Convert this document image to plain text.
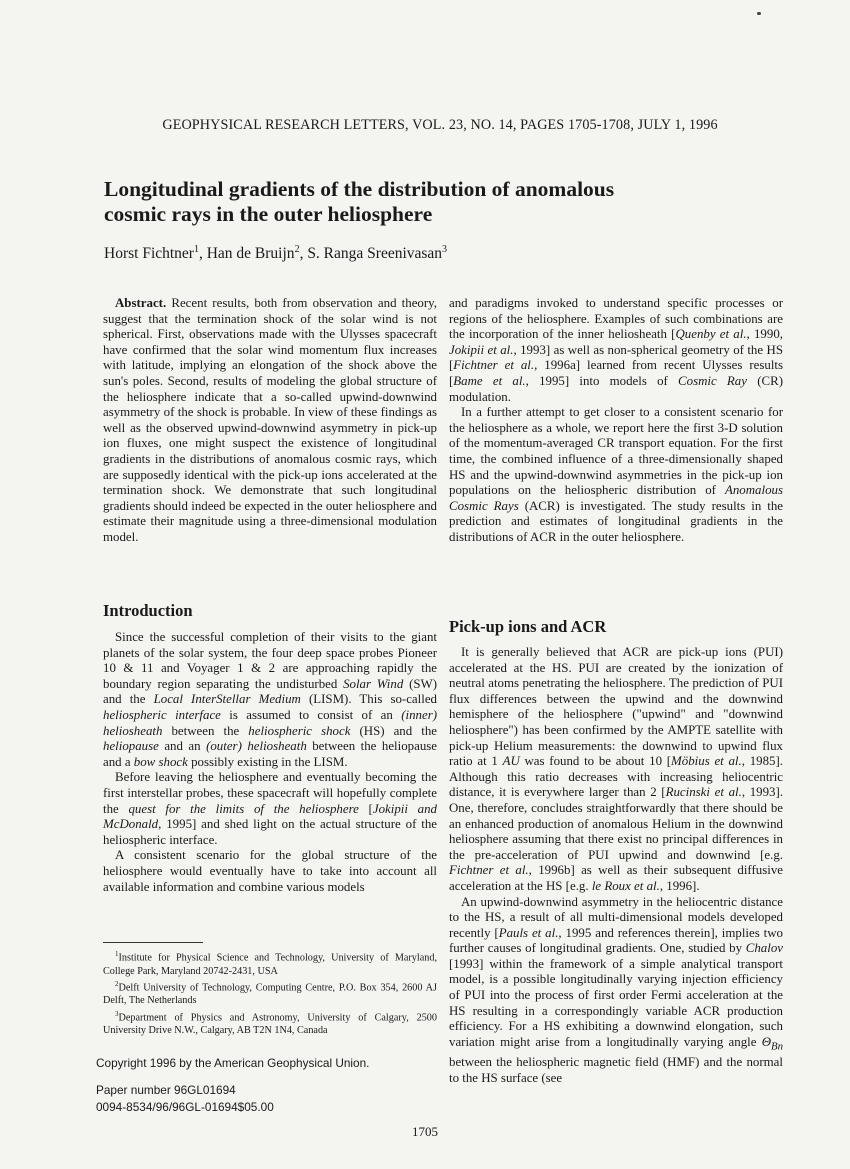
GEOPHYSICAL RESEARCH LETTERS, VOL. 23, NO. 14, PAGES 1705-1708, JULY 1, 1996
Longitudinal gradients of the distribution of anomalous cosmic rays in the outer heliosphere
Horst Fichtner$^1$, Han de Bruijn$^2$, S. Ranga Sreenivasan$^3$

Abstract. Recent results, both from observation and theory, suggest that the termination shock of the solar wind is not spherical. First, observations made with the Ulysses spacecraft have confirmed that the solar wind momentum flux increases with latitude, implying an elongation of the shock above the sun's poles. Second, results of modeling the global structure of the heliosphere indicate that a so-called upwind-downwind asymmetry of the shock is probable. In view of these findings as well as the observed upwind-downwind asymmetry in pick-up ion fluxes, one might suspect the existence of longitudinal gradients in the distributions of anomalous cosmic rays, which are supposedly identical with the pick-up ions accelerated at the termination shock. We demonstrate that such longitudinal gradients should indeed be expected in the outer heliosphere and estimate their magnitude using a three-dimensional modulation model.

Introduction

Since the successful completion of their visits to the giant planets of the solar system, the four deep space probes Pioneer 10 & 11 and Voyager 1 & 2 are approaching rapidly the boundary region separating the undisturbed Solar Wind (SW) and the Local InterStellar Medium (LISM). This so-called heliospheric interface is assumed to consist of an (inner) heliosheath between the heliospheric shock (HS) and the heliopause and an (outer) heliosheath between the heliopause and a bow shock possibly existing in the LISM.

Before leaving the heliosphere and eventually becoming the first interstellar probes, these spacecraft will hopefully complete the quest for the limits of the heliosphere [Jokipii and McDonald, 1995] and shed light on the actual structure of the heliospheric interface.

A consistent scenario for the global structure of the heliosphere would eventually have to take into account all available information and combine various models

$^1$Institute for Physical Science and Technology, University of Maryland, College Park, Maryland 20742-2431, USA

$^2$Delft University of Technology, Computing Centre, P.O. Box 354, 2600 AJ Delft, The Netherlands

$^3$Department of Physics and Astronomy, University of Calgary, 2500 University Drive N.W., Calgary, AB T2N 1N4, Canada

Copyright 1996 by the American Geophysical Union.
Paper number 96GL01694
0094-8534/96/96GL-01694$05.00

and paradigms invoked to understand specific processes or regions of the heliosphere. Examples of such combinations are the incorporation of the inner heliosheath [Quenby et al., 1990, Jokipii et al., 1993] as well as non-spherical geometry of the HS [Fichtner et al., 1996a] learned from recent Ulysses results [Bame et al., 1995] into models of Cosmic Ray (CR) modulation.

In a further attempt to get closer to a consistent scenario for the heliosphere as a whole, we report here the first 3-D solution of the momentum-averaged CR transport equation. For the first time, the combined influence of a three-dimensionally shaped HS and the upwind-downwind asymmetries in the pick-up ion populations on the heliospheric distribution of Anomalous Cosmic Rays (ACR) is investigated. The study results in the prediction and estimates of longitudinal gradients in the distributions of ACR in the outer heliosphere.

Pick-up ions and ACR

It is generally believed that ACR are pick-up ions (PUI) accelerated at the HS. PUI are created by the ionization of neutral atoms penetrating the heliosphere. The prediction of PUI flux differences between the upwind and the downwind hemisphere of the heliosphere ("upwind" and "downwind heliosphere") has been confirmed by the AMPTE satellite with pick-up Helium measurements: the downwind to upwind flux ratio at 1 AU was found to be about 10 [Möbius et al., 1985]. Although this ratio decreases with increasing heliocentric distance, it is everywhere larger than 2 [Rucinski et al., 1993]. One, therefore, concludes straightforwardly that there should be an enhanced production of anomalous Helium in the downwind heliosphere assuming that there exist no principal differences in the pre-acceleration of PUI upwind and downwind [e.g. Fichtner et al., 1996b] as well as their subsequent diffusive acceleration at the HS [e.g. le Roux et al., 1996].

An upwind-downwind asymmetry in the heliocentric distance to the HS, a result of all multi-dimensional models developed recently [Pauls et al., 1995 and references therein], implies two further causes of longitudinal gradients. One, studied by Chalov [1993] within the framework of a simple analytical transport model, is a possible longitudinally varying injection efficiency of PUI into the process of first order Fermi acceleration at the HS resulting in a correspondingly variable ACR production efficiency. For a HS exhibiting a downwind elongation, such variation might arise from a longitudinally varying angle $\Theta_{Bn}$ between the heliospheric magnetic field (HMF) and the normal to the HS surface (see

1705
